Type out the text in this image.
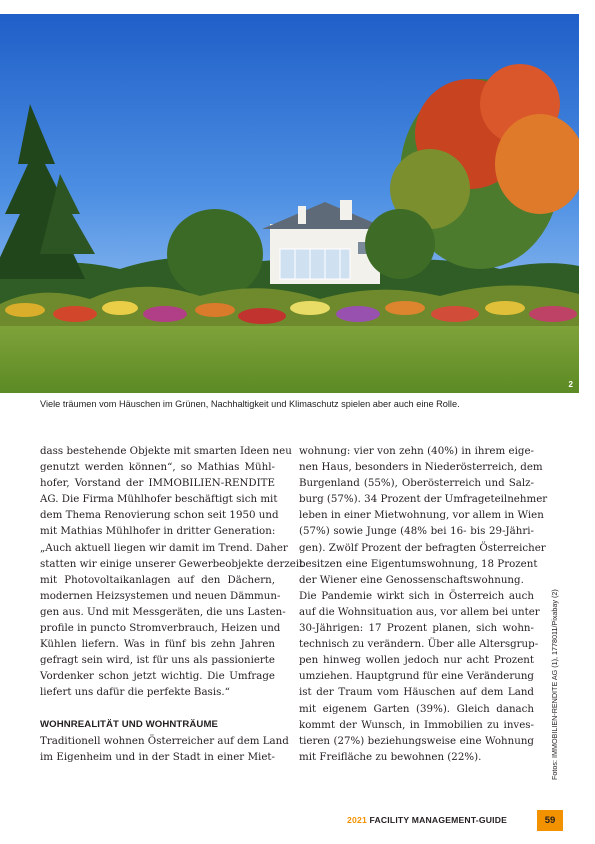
2
Viele träumen vom Häuschen im Grünen, Nachhaltigkeit und Klimaschutz spielen aber auch eine Rolle.
dass bestehende Objekte mit smarten Ideen neu
genutzt werden können“, so Mathias Mühl-
hofer, Vorstand der IMMOBILIEN-RENDITE
AG. Die Firma Mühlhofer beschäftigt sich mit
dem Thema Renovierung schon seit 1950 und
mit Mathias Mühlhofer in dritter Generation:
„Auch aktuell liegen wir damit im Trend. Daher
statten wir einige unserer Gewerbeobjekte derzeit
mit Photovoltaikanlagen auf den Dächern,
modernen Heizsystemen und neuen Dämmun-
gen aus. Und mit Messgeräten, die uns Lasten-
profile in puncto Stromverbrauch, Heizen und
Kühlen liefern. Was in fünf bis zehn Jahren
gefragt sein wird, ist für uns als passionierte
Vordenker schon jetzt wichtig. Die Umfrage
liefert uns dafür die perfekte Basis.“
WOHNREALITÄT UND WOHNTRÄUME
Traditionell wohnen Österreicher auf dem Land
im Eigenheim und in der Stadt in einer Miet-
wohnung: vier von zehn (40%) in ihrem eige-
nen Haus, besonders in Niederösterreich, dem
Burgenland (55%), Oberösterreich und Salz-
burg (57%). 34 Prozent der Umfrageteilnehmer
leben in einer Mietwohnung, vor allem in Wien
(57%) sowie Junge (48% bei 16- bis 29-Jähri-
gen). Zwölf Prozent der befragten Österreicher
besitzen eine Eigentumswohnung, 18 Prozent
der Wiener eine Genossenschaftswohnung.
Die Pandemie wirkt sich in Österreich auch
auf die Wohnsituation aus, vor allem bei unter
30-Jährigen: 17 Prozent planen, sich wohn-
technisch zu verändern. Über alle Altersgrup-
pen hinweg wollen jedoch nur acht Prozent
umziehen. Hauptgrund für eine Veränderung
ist der Traum vom Häuschen auf dem Land
mit eigenem Garten (39%). Gleich danach
kommt der Wunsch, in Immobilien zu inves-
tieren (27%) beziehungsweise eine Wohnung
mit Freifläche zu bewohnen (22%).	Fotos: IMMOBILIEN-RENDITE AG (1), 1778011/Pixabay (2)
2021 FACILITY MANAGEMENT-GUIDE	59
